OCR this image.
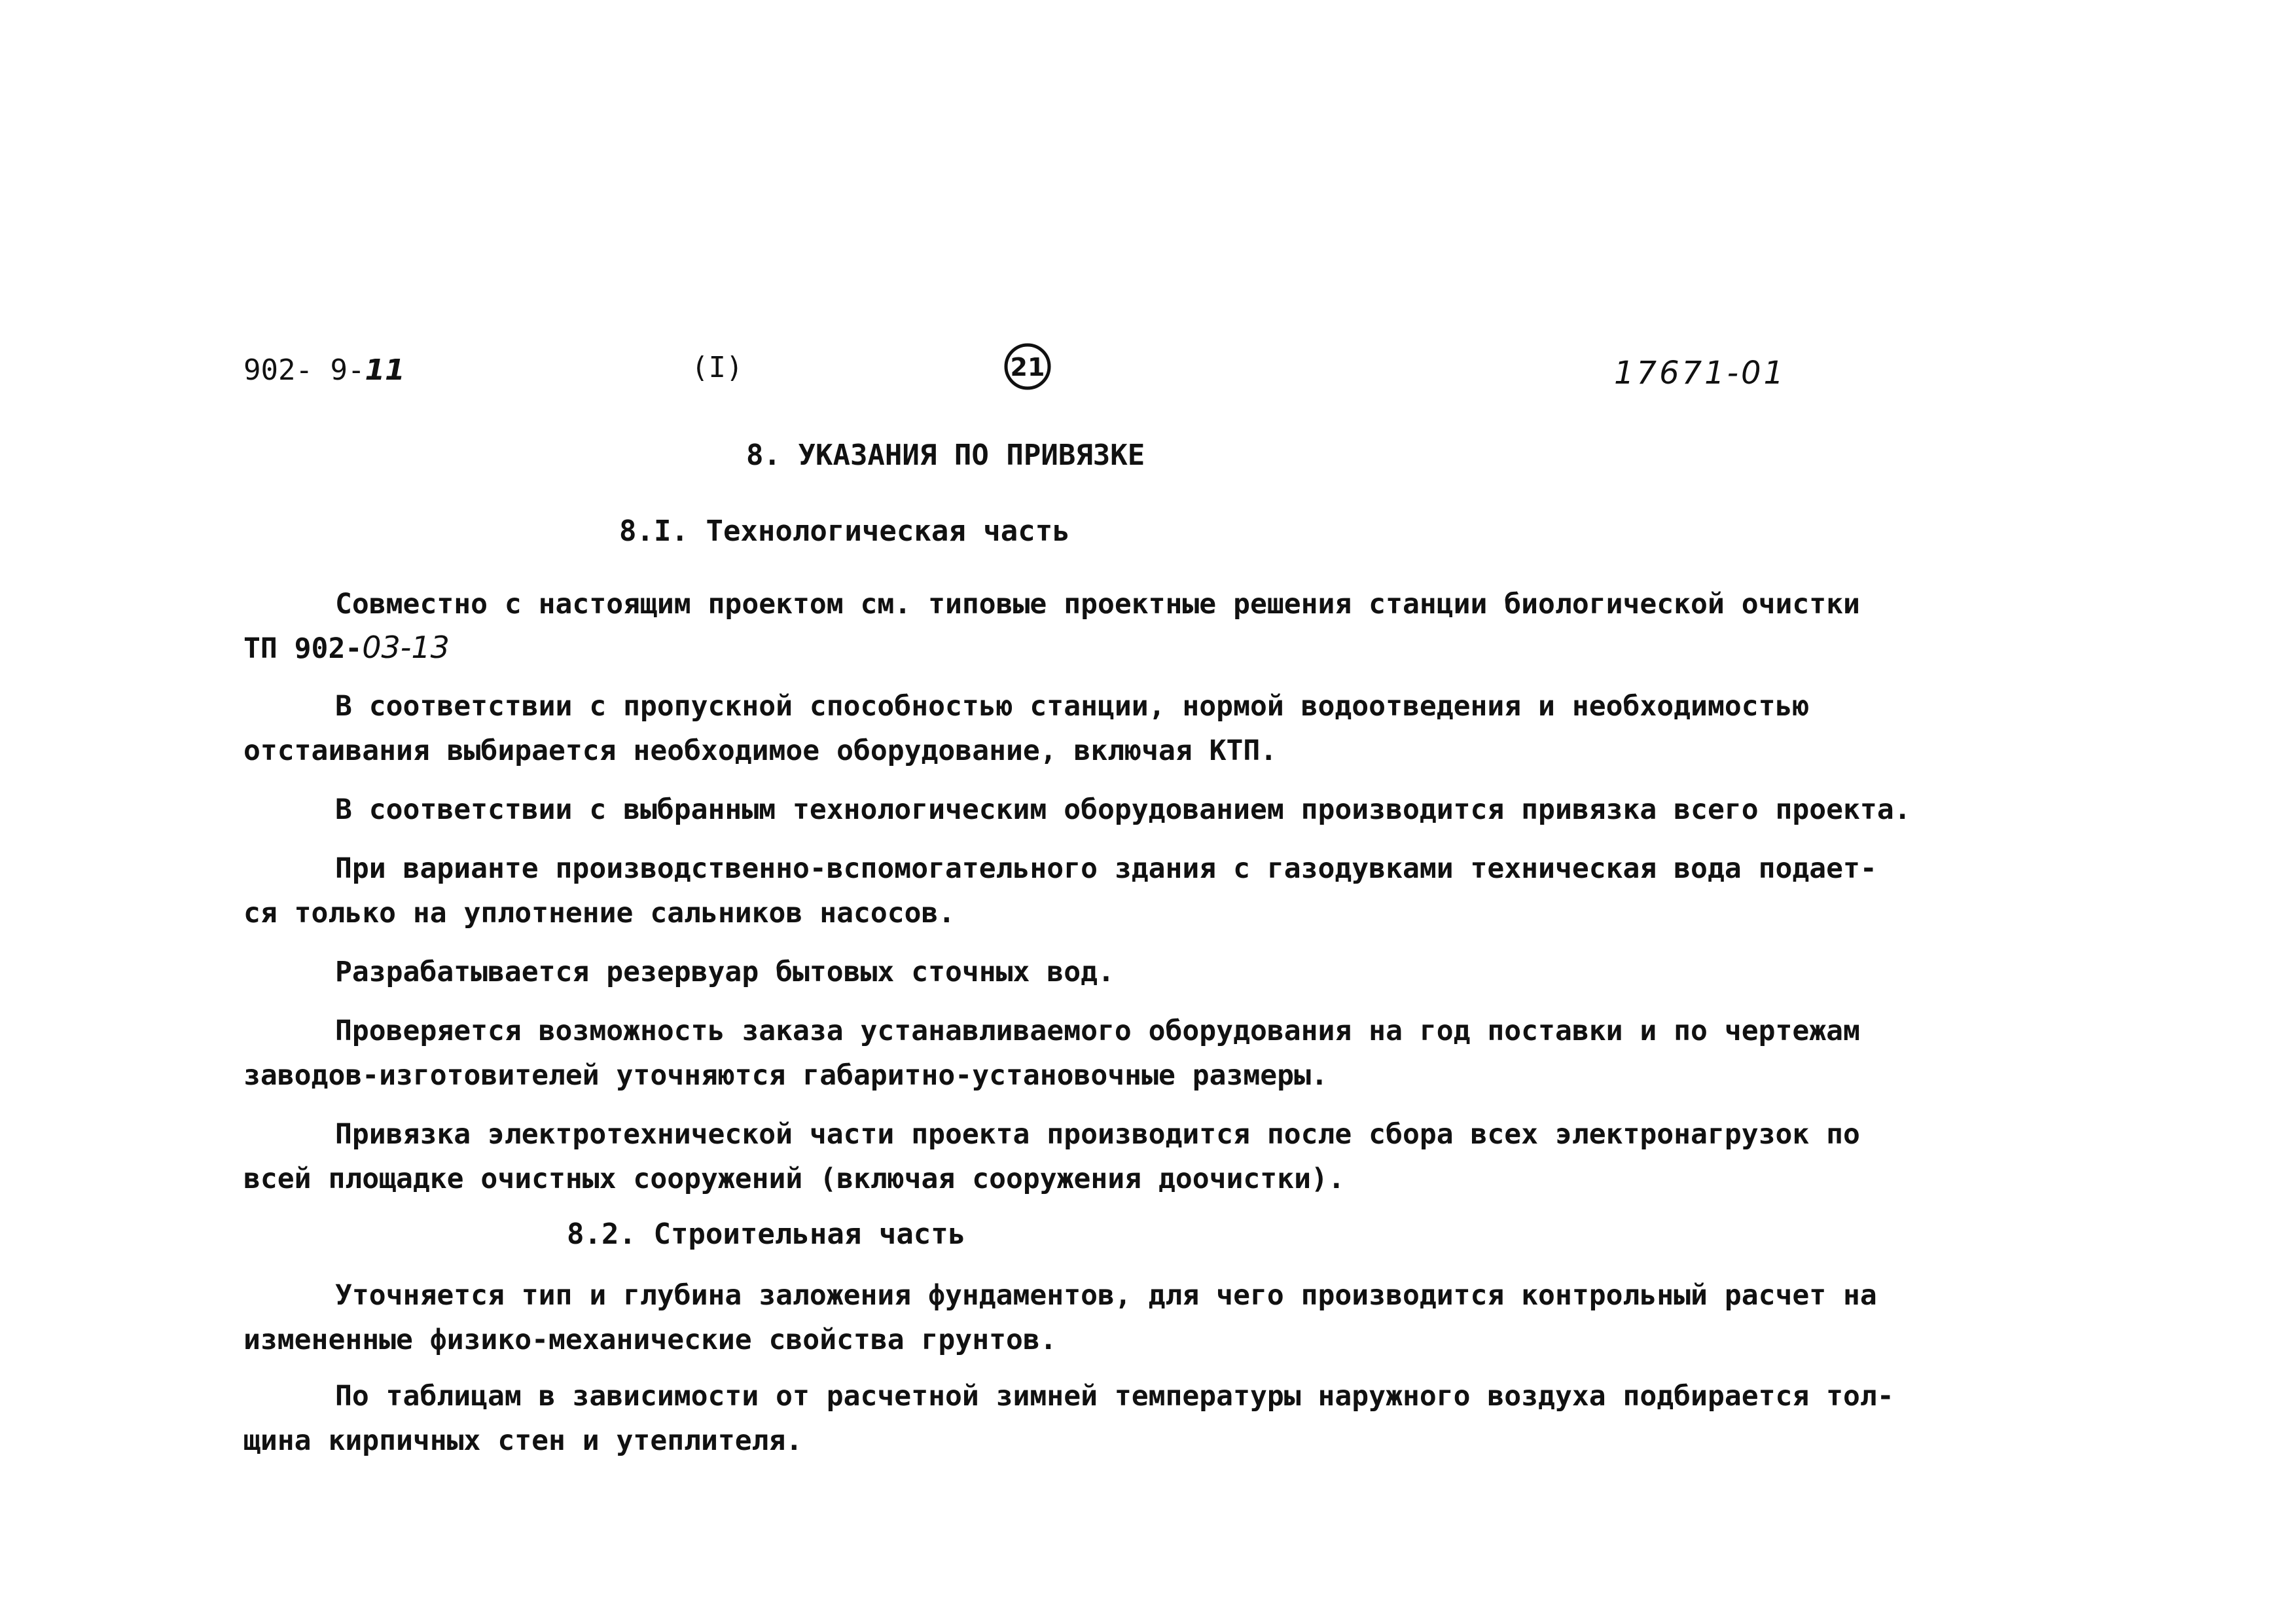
902- 9-11	(I)	21	17671-01
8. УКАЗАНИЯ ПО ПРИВЯЗКЕ
8.I. Технологическая часть
Совместно с настоящим проектом см. типовые проектные решения станции биологической очистки
ТП 902-03-13
В соответствии с пропускной способностью станции, нормой водоотведения и необходимостью
отстаивания выбирается необходимое оборудование, включая КТП.
В соответствии с выбранным технологическим оборудованием производится привязка всего проекта.
При варианте производственно-вспомогательного здания с газодувками техническая вода подает-
ся только на уплотнение сальников насосов.
Разрабатывается резервуар бытовых сточных вод.
Проверяется возможность заказа устанавливаемого оборудования на год поставки и по чертежам
заводов-изготовителей уточняются габаритно-установочные размеры.
Привязка электротехнической части проекта производится после сбора всех электронагрузок по
всей площадке очистных сооружений (включая сооружения доочистки).
8.2. Строительная часть
Уточняется тип и глубина заложения фундаментов, для чего производится контрольный расчет на
измененные физико-механические свойства грунтов.
По таблицам в зависимости от расчетной зимней температуры наружного воздуха подбирается тол-
щина кирпичных стен и утеплителя.
